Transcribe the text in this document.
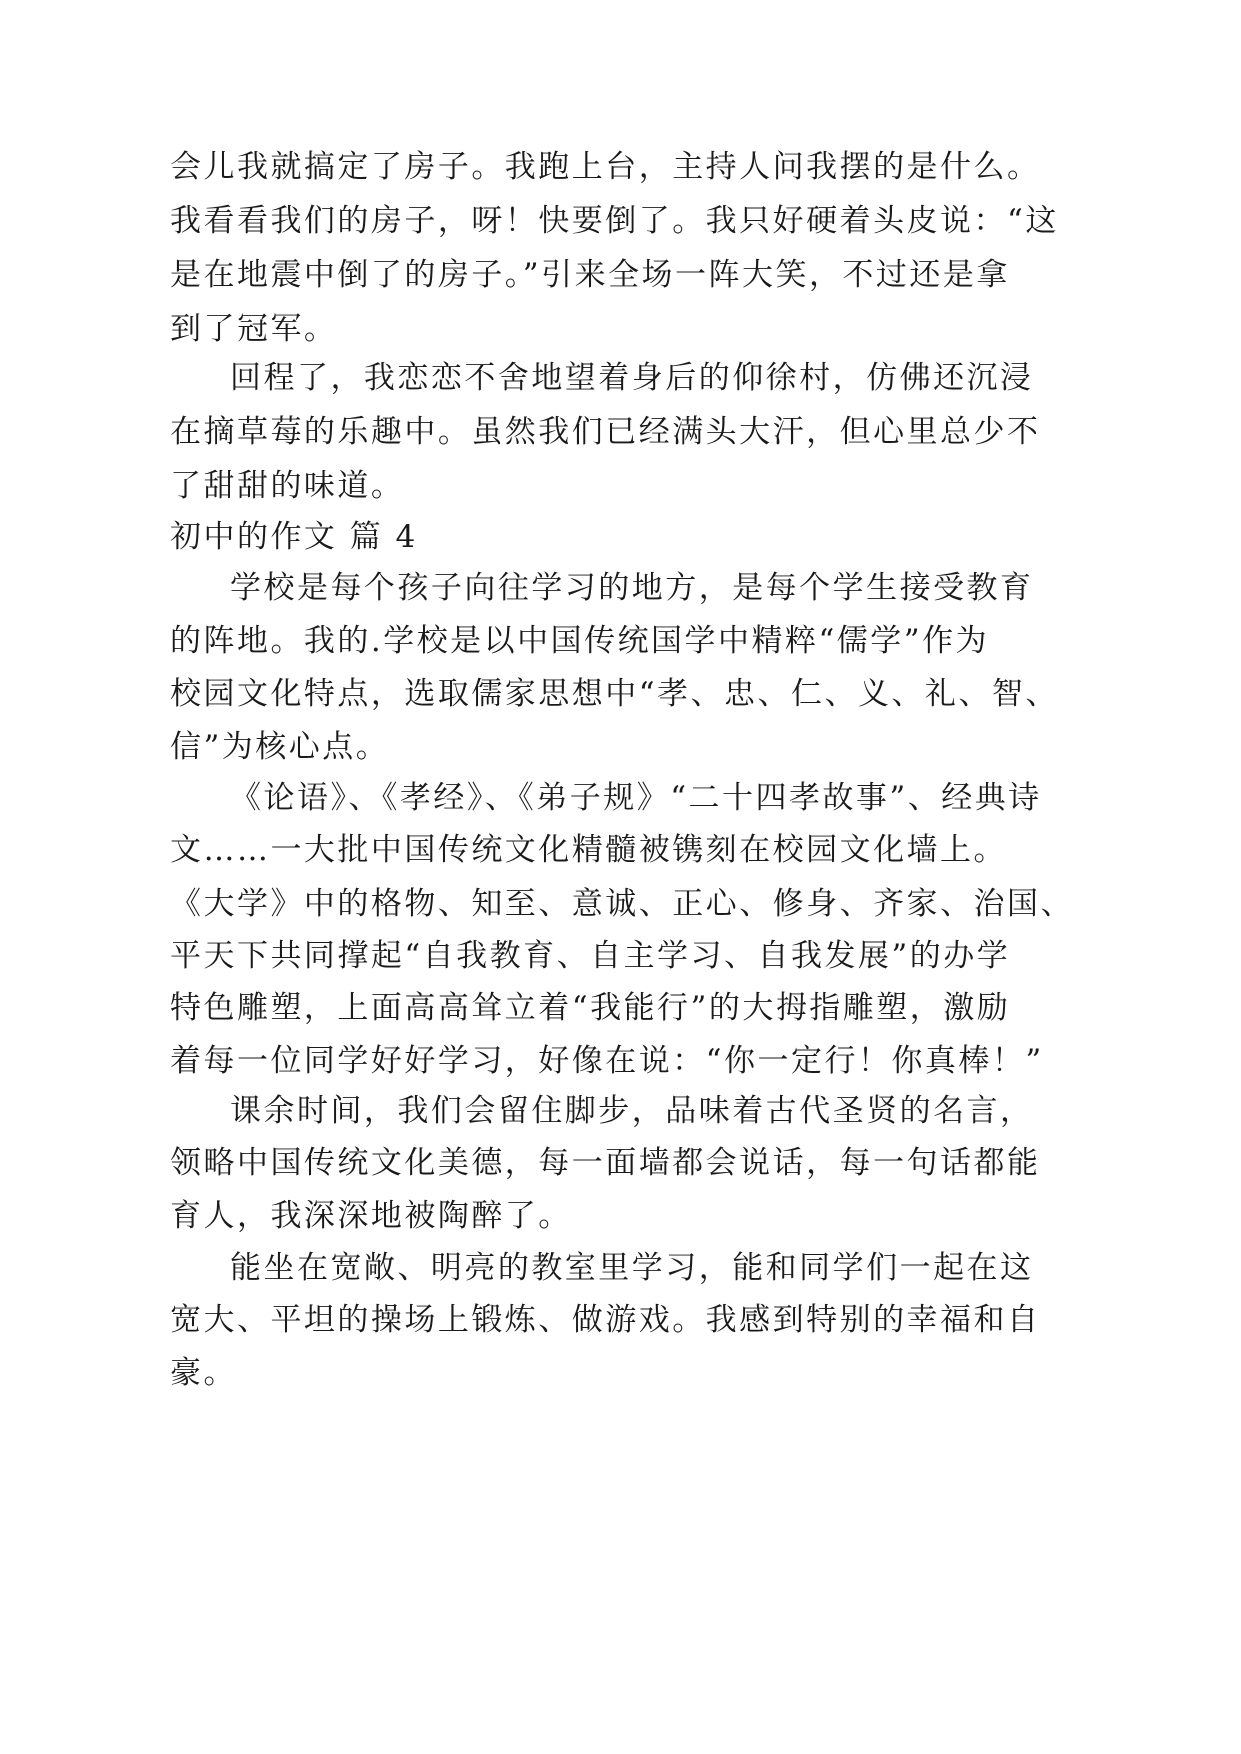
会儿我就搞定了房子。我跑上台，主持人问我摆的是什么。
我看看我们的房子，呀！快要倒了。我只好硬着头皮说：“这
是在地震中倒了的房子。”引来全场一阵大笑，不过还是拿
到了冠军。
回程了，我恋恋不舍地望着身后的仰徐村，仿佛还沉浸
在摘草莓的乐趣中。虽然我们已经满头大汗，但心里总少不
了甜甜的味道。
初中的作文 篇 4
学校是每个孩子向往学习的地方，是每个学生接受教育
的阵地。我的.学校是以中国传统国学中精粹“儒学”作为
校园文化特点，选取儒家思想中“孝、忠、仁、义、礼、智、
信”为核心点。
《论语》、《孝经》、《弟子规》“二十四孝故事”、经典诗
文……一大批中国传统文化精髓被镌刻在校园文化墙上。
《大学》中的格物、知至、意诚、正心、修身、齐家、治国、
平天下共同撑起“自我教育、自主学习、自我发展”的办学
特色雕塑，上面高高耸立着“我能行”的大拇指雕塑，激励
着每一位同学好好学习，好像在说：“你一定行！你真棒！”
课余时间，我们会留住脚步，品味着古代圣贤的名言，
领略中国传统文化美德，每一面墙都会说话，每一句话都能
育人，我深深地被陶醉了。
能坐在宽敞、明亮的教室里学习，能和同学们一起在这
宽大、平坦的操场上锻炼、做游戏。我感到特别的幸福和自
豪。
